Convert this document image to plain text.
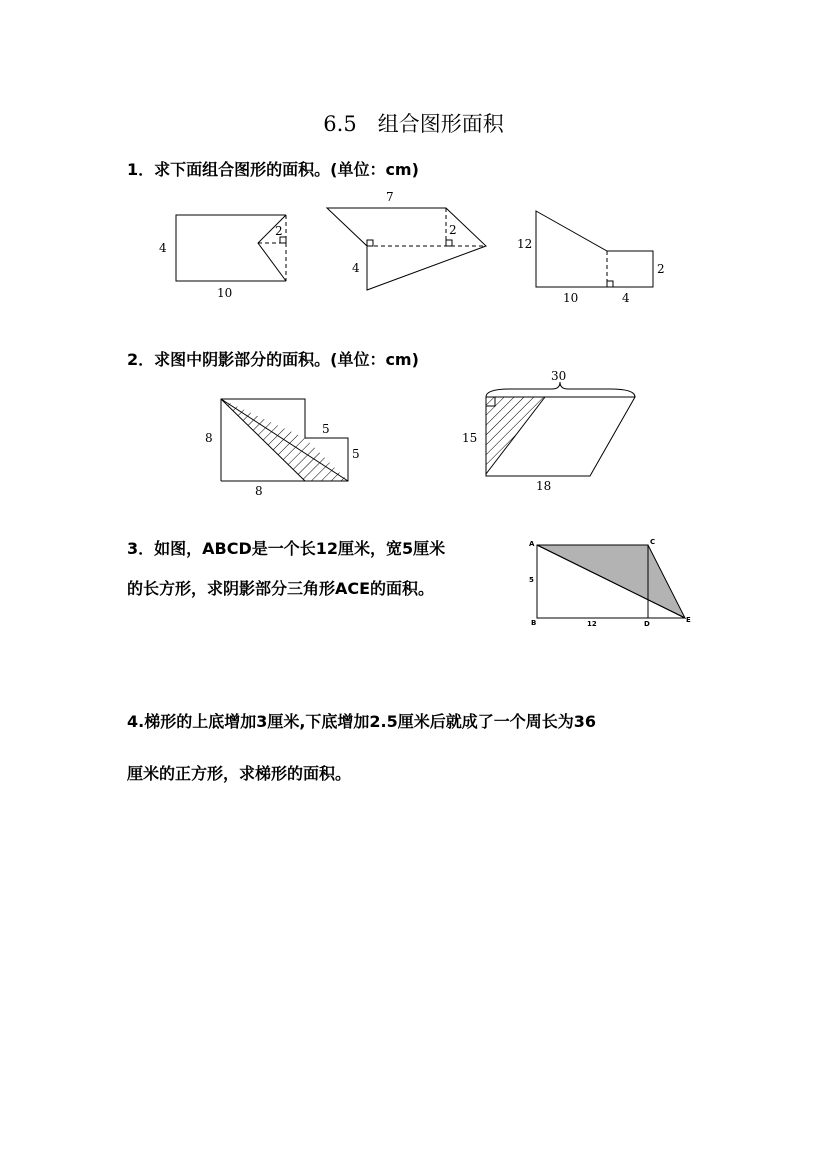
6.5　组合图形面积
1．求下面组合图形的面积。(单位：cm)
4
10
2
7
2
4
12
10	4
2
8
8
5
5
30
15
18
A
B
C
D	E
5
12
2．求图中阴影部分的面积。(单位：cm)
3．如图，ABCD是一个长12厘米，宽5厘米
的长方形，求阴影部分三角形ACE的面积。
4.梯形的上底增加3厘米,下底增加2.5厘米后就成了一个周长为36
厘米的正方形，求梯形的面积。
